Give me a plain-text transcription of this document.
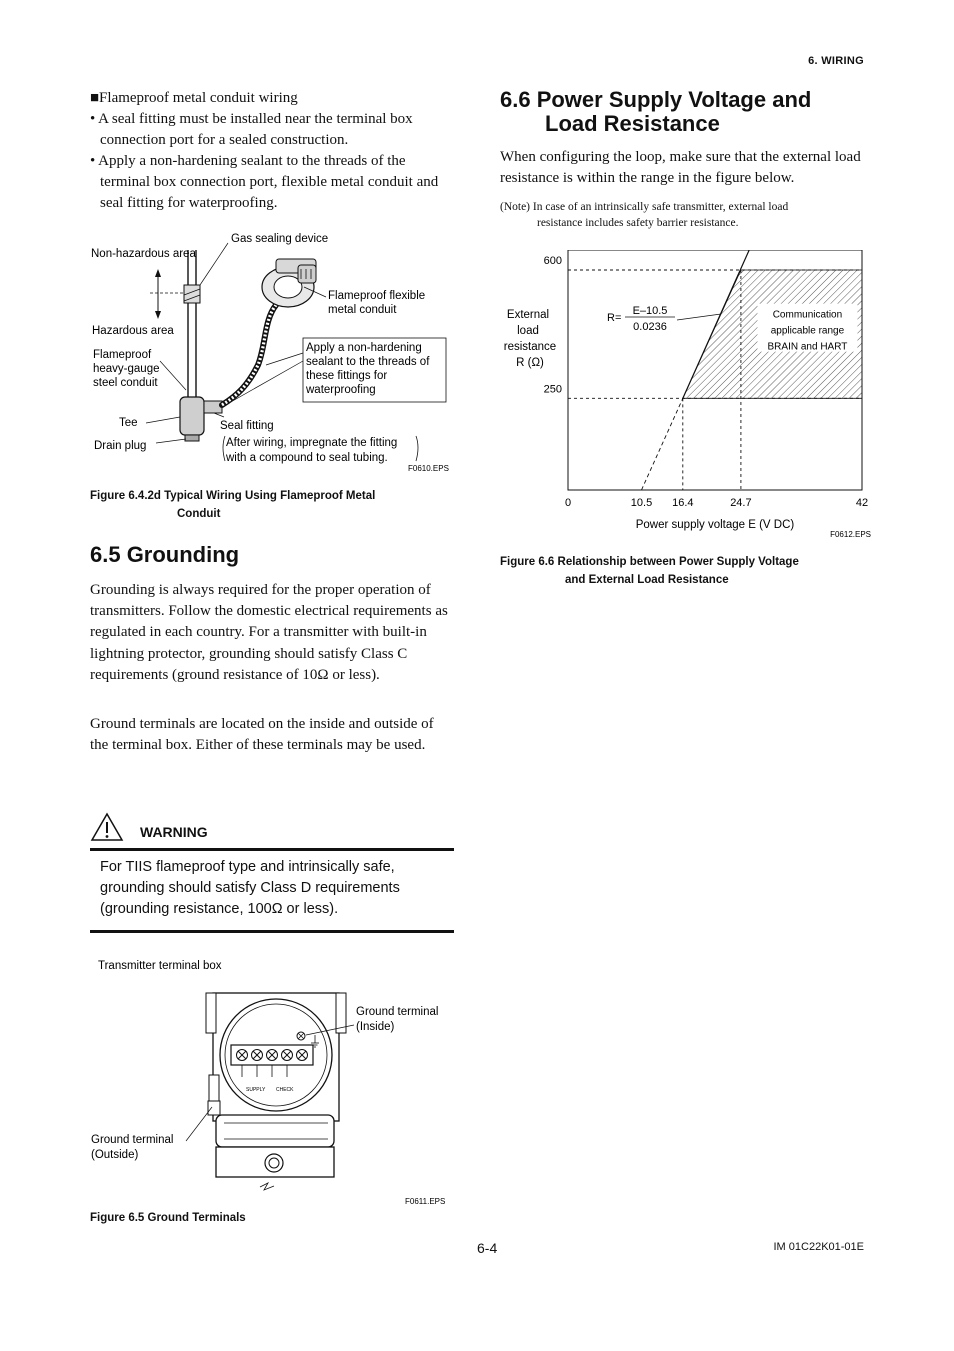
6. WIRING
■Flameproof metal conduit wiring
• A seal fitting must be installed near the terminal box connection port for a sealed construction.
• Apply a non-hardening sealant to the threads of the terminal box connection port, flexible metal conduit and seal fitting for waterproofing.
Gas sealing device
Non-hazardous area
Hazardous area
Flameproof flexible
metal conduit
Apply a non-hardening
sealant to the threads of
these fittings for
waterproofing
Flameproof
heavy-gauge
steel conduit
Tee	Seal fitting
Drain plug	After wiring, impregnate the fitting
with a compound to seal tubing.
F0610.EPS
Figure 6.4.2d Typical Wiring Using Flameproof Metal
Conduit
6.5 Grounding

Grounding is always required for the proper operation of transmitters. Follow the domestic electrical requirements as regulated in each country. For a transmitter with built-in lightning protector, grounding should satisfy Class C requirements (ground resistance of 10Ω or less).

Ground terminals are located on the inside and outside of the terminal box. Either of these terminals may be used.

WARNING
For TIIS flameproof type and intrinsically safe, grounding should satisfy Class D requirements (grounding resistance, 100Ω or less).
Transmitter terminal box
SUPPLY CHECK
Ground terminal
(Inside)
Ground terminal
(Outside)
F0611.EPS
Figure 6.5 Ground Terminals
6.6 Power Supply Voltage and
Load Resistance

When configuring the loop, make sure that the external load resistance is within the range in the figure below.

(Note) In case of an intrinsically safe transmitter, external load
resistance includes safety barrier resistance.
600
250
0	10.5 16.4	24.7	42
External
load
resistance
R (Ω)
Power supply voltage E (V DC)
R=
E–10.5
0.0236
Communication
applicable range
BRAIN and HART
F0612.EPS
Figure 6.6 Relationship between Power Supply Voltage
and External Load Resistance
6-4	IM 01C22K01-01E
